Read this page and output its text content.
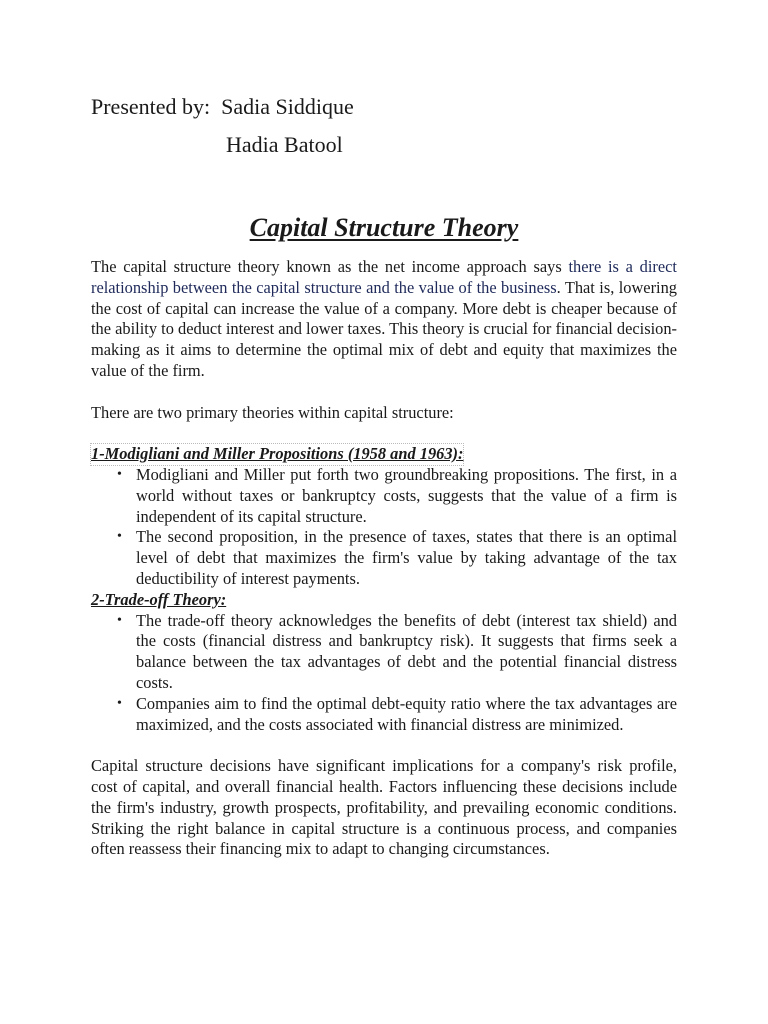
Presented by: Sadia Siddique
Hadia Batool
Capital Structure Theory

The capital structure theory known as the net income approach says there is a direct relationship between the capital structure and the value of the business. That is, lowering the cost of capital can increase the value of a company. More debt is cheaper because of the ability to deduct interest and lower taxes. This theory is crucial for financial decision-making as it aims to determine the optimal mix of debt and equity that maximizes the value of the firm.

There are two primary theories within capital structure:

1-Modigliani and Miller Propositions (1958 and 1963):

• Modigliani and Miller put forth two groundbreaking propositions. The first, in a world without taxes or bankruptcy costs, suggests that the value of a firm is independent of its capital structure.
• The second proposition, in the presence of taxes, states that there is an optimal level of debt that maximizes the firm's value by taking advantage of the tax deductibility of interest payments.

2-Trade-off Theory:

• The trade-off theory acknowledges the benefits of debt (interest tax shield) and the costs (financial distress and bankruptcy risk). It suggests that firms seek a balance between the tax advantages of debt and the potential financial distress costs.
• Companies aim to find the optimal debt-equity ratio where the tax advantages are maximized, and the costs associated with financial distress are minimized.

Capital structure decisions have significant implications for a company's risk profile, cost of capital, and overall financial health. Factors influencing these decisions include the firm's industry, growth prospects, profitability, and prevailing economic conditions. Striking the right balance in capital structure is a continuous process, and companies often reassess their financing mix to adapt to changing circumstances.
